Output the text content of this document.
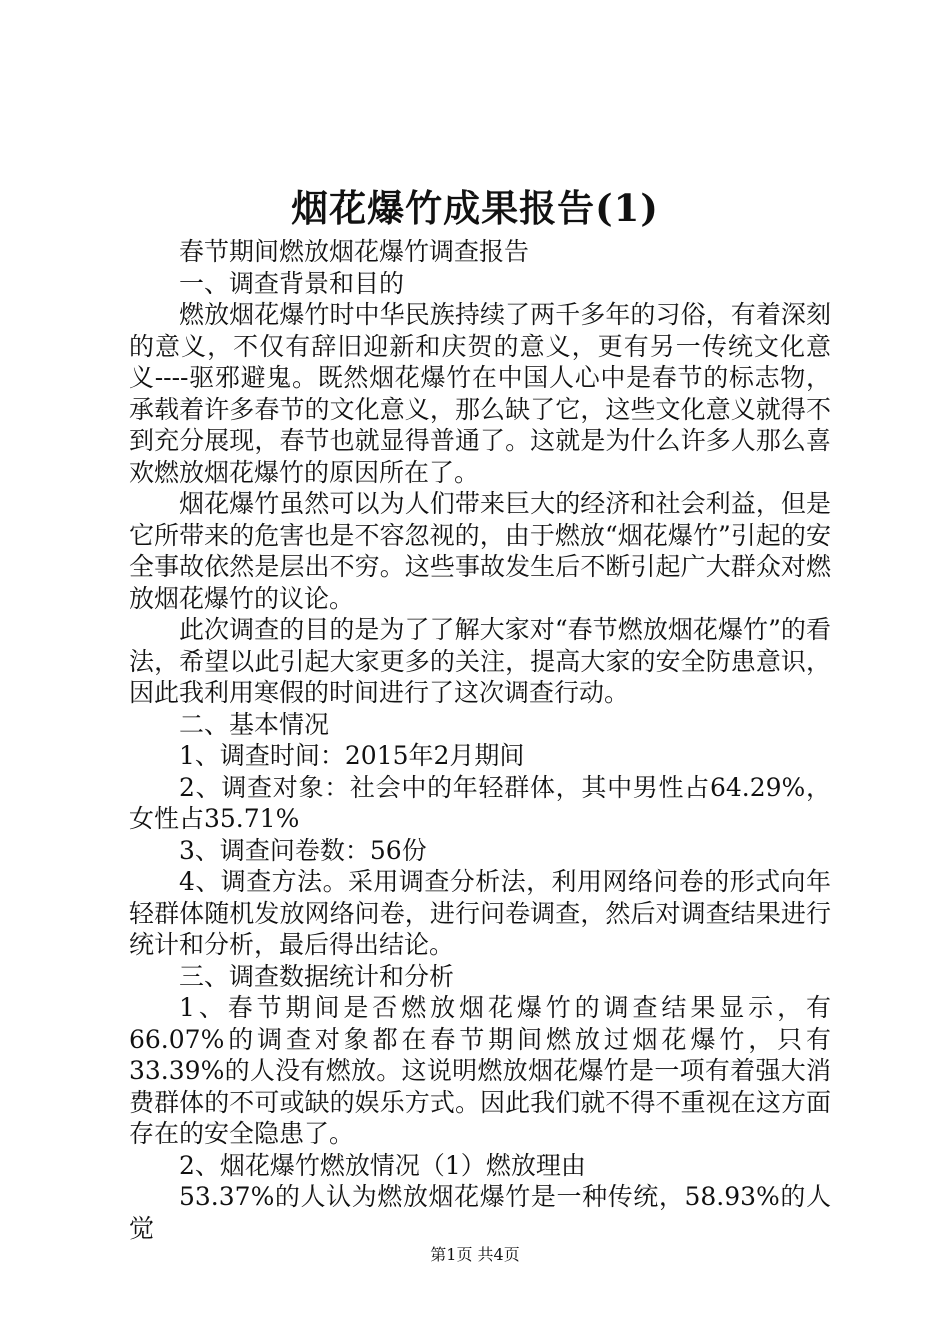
烟花爆竹成果报告(1)

春节期间燃放烟花爆竹调查报告

一、调查背景和目的

燃放烟花爆竹时中华民族持续了两千多年的习俗，有着深刻的意义，不仅有辞旧迎新和庆贺的意义，更有另一传统文化意义----驱邪避鬼。既然烟花爆竹在中国人心中是春节的标志物，承载着许多春节的文化意义，那么缺了它，这些文化意义就得不到充分展现，春节也就显得普通了。这就是为什么许多人那么喜欢燃放烟花爆竹的原因所在了。

烟花爆竹虽然可以为人们带来巨大的经济和社会利益，但是它所带来的危害也是不容忽视的，由于燃放“烟花爆竹”引起的安全事故依然是层出不穷。这些事故发生后不断引起广大群众对燃放烟花爆竹的议论。

此次调查的目的是为了了解大家对“春节燃放烟花爆竹”的看法，希望以此引起大家更多的关注，提高大家的安全防患意识，因此我利用寒假的时间进行了这次调查行动。

二、基本情况

1、调查时间：2015年2月期间

2、调查对象：社会中的年轻群体，其中男性占64.29%，女性占35.71%

3、调查问卷数：56份

4、调查方法。采用调查分析法，利用网络问卷的形式向年轻群体随机发放网络问卷，进行问卷调查，然后对调查结果进行统计和分析，最后得出结论。

三、调查数据统计和分析

1、春节期间是否燃放烟花爆竹的调查结果显示，有66.07%的调查对象都在春节期间燃放过烟花爆竹，只有33.39%的人没有燃放。这说明燃放烟花爆竹是一项有着强大消费群体的不可或缺的娱乐方式。因此我们就不得不重视在这方面存在的安全隐患了。

2、烟花爆竹燃放情况（1）燃放理由

53.37%的人认为燃放烟花爆竹是一种传统，58.93%的人觉

第1页 共4页
